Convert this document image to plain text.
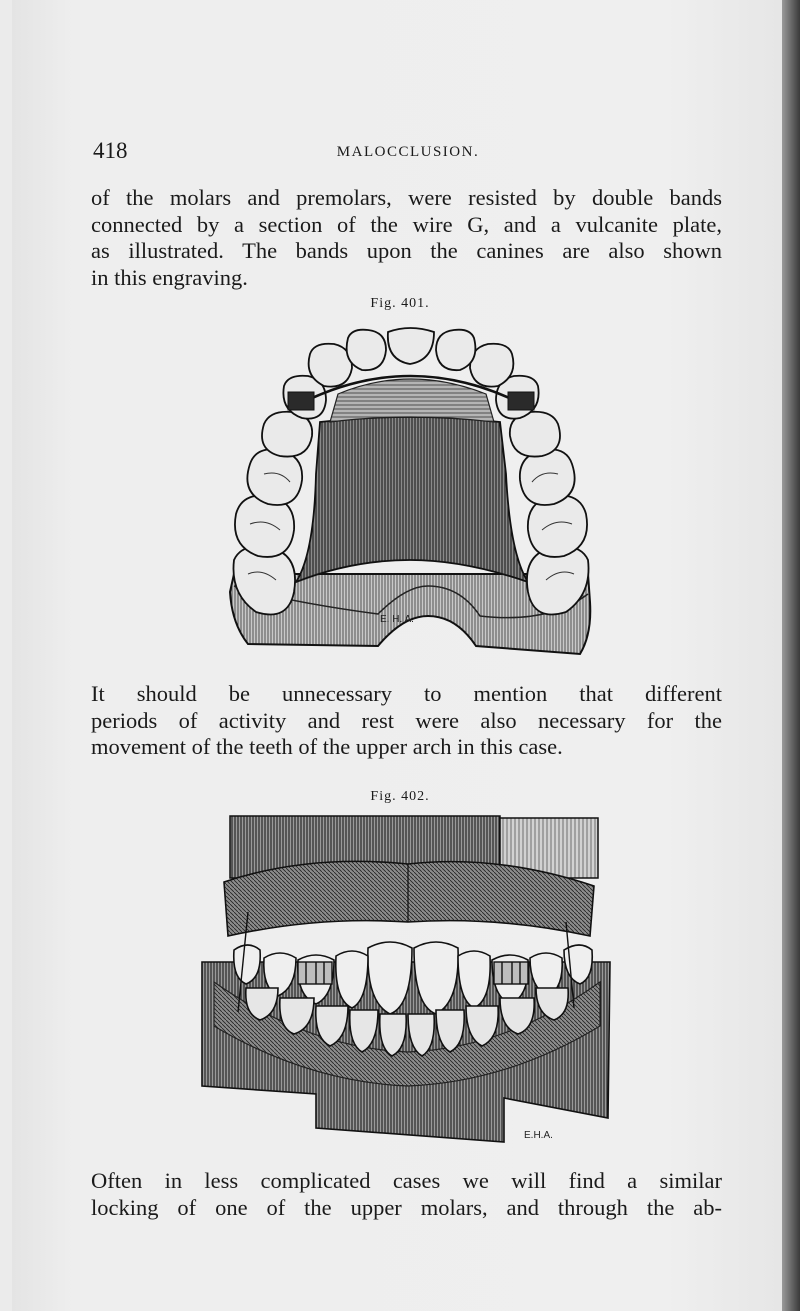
418	MALOCCLUSION.
of the molars and premolars, were resisted by double bands
connected by a section of the wire G, and a vulcanite plate,
as illustrated. The bands upon the canines are also shown
in this engraving.
Fig. 401.
E. H. A.
It should be unnecessary to mention that different
periods of activity and rest were also necessary for the
movement of the teeth of the upper arch in this case.
Fig. 402.
E.H.A.
Often in less complicated cases we will find a similar
locking of one of the upper molars, and through the ab-
